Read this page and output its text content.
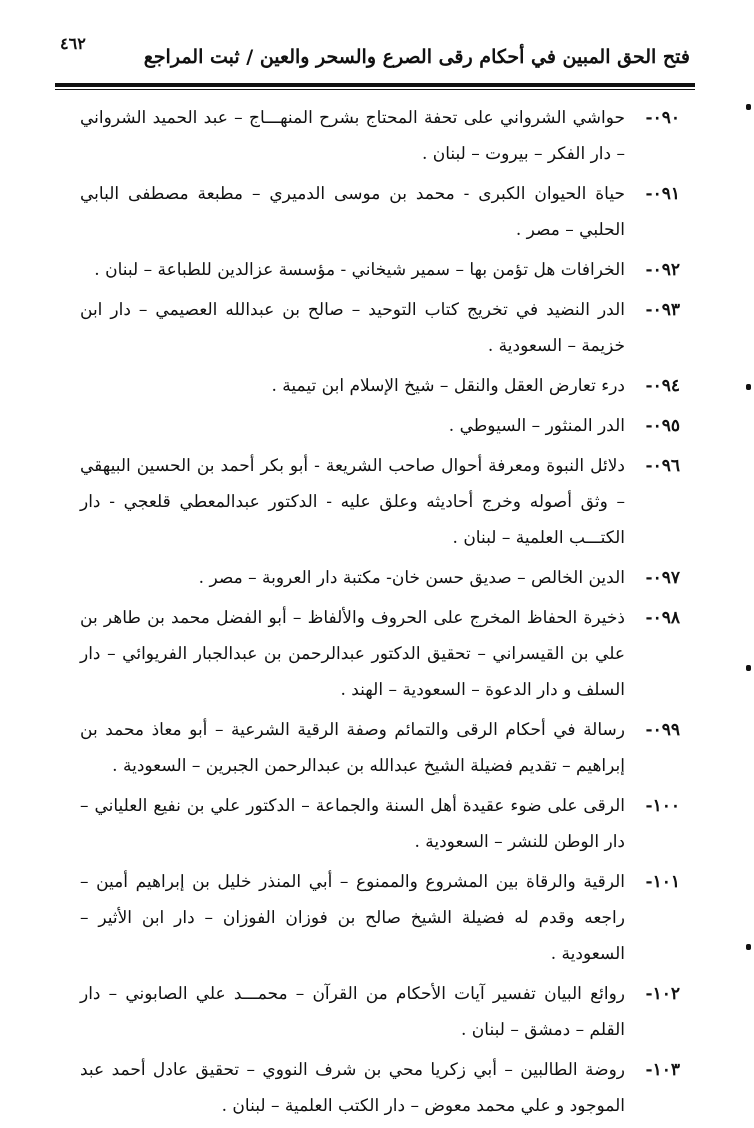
فتح الحق المبين في أحكام رقى الصرع والسحر والعين / ثبت المراجع
٤٦٢
٠٩٠-
حواشي الشرواني على تحفة المحتاج بشرح المنهـــاج – عبد الحميد الشرواني – دار الفكر – بيروت – لبنان .
٠٩١-
حياة الحيوان الكبرى - محمد بن موسى الدميري – مطبعة مصطفى البابي الحلبي – مصر .
٠٩٢-
الخرافات هل تؤمن بها – سمير شيخاني - مؤسسة عزالدين للطباعة – لبنان .
٠٩٣-
الدر النضيد في تخريج كتاب التوحيد – صالح بن عبدالله العصيمي – دار ابن خزيمة – السعودية .
٠٩٤-
درء تعارض العقل والنقل – شيخ الإسلام ابن تيمية .
٠٩٥-
الدر المنثور – السيوطي .
٠٩٦-
دلائل النبوة ومعرفة أحوال صاحب الشريعة - أبو بكر أحمد بن الحسين البيهقي – وثق أصوله وخرج أحاديثه وعلق عليه - الدكتور عبدالمعطي قلعجي - دار الكتـــب العلمية – لبنان .
٠٩٧-
الدين الخالص – صديق حسن خان- مكتبة دار العروبة – مصر .
٠٩٨-
ذخيرة الحفاظ المخرج على الحروف والألفاظ – أبو الفضل محمد بن طاهر بن علي بن القيسراني – تحقيق الدكتور عبدالرحمن بن عبدالجبار الفريوائي – دار السلف و دار الدعوة – السعودية – الهند .
٠٩٩-
رسالة في أحكام الرقى والتمائم وصفة الرقية الشرعية – أبو معاذ محمد بن إبراهيم – تقديم فضيلة الشيخ عبدالله بن عبدالرحمن الجبرين – السعودية .
١٠٠-
الرقى على ضوء عقيدة أهل السنة والجماعة – الدكتور علي بن نفيع العلياني – دار الوطن للنشر – السعودية .
١٠١-
الرقية والرقاة بين المشروع والممنوع – أبي المنذر خليل بن إبراهيم أمين – راجعه وقدم له فضيلة الشيخ صالح بن فوزان الفوزان – دار ابن الأثير – السعودية .
١٠٢-
روائع البيان تفسير آيات الأحكام من القرآن – محمـــد علي الصابوني – دار القلم – دمشق – لبنان .
١٠٣-
روضة الطالبين – أبي زكريا محي بن شرف النووي – تحقيق عادل أحمد عبد الموجود و علي محمد معوض – دار الكتب العلمية – لبنان .
